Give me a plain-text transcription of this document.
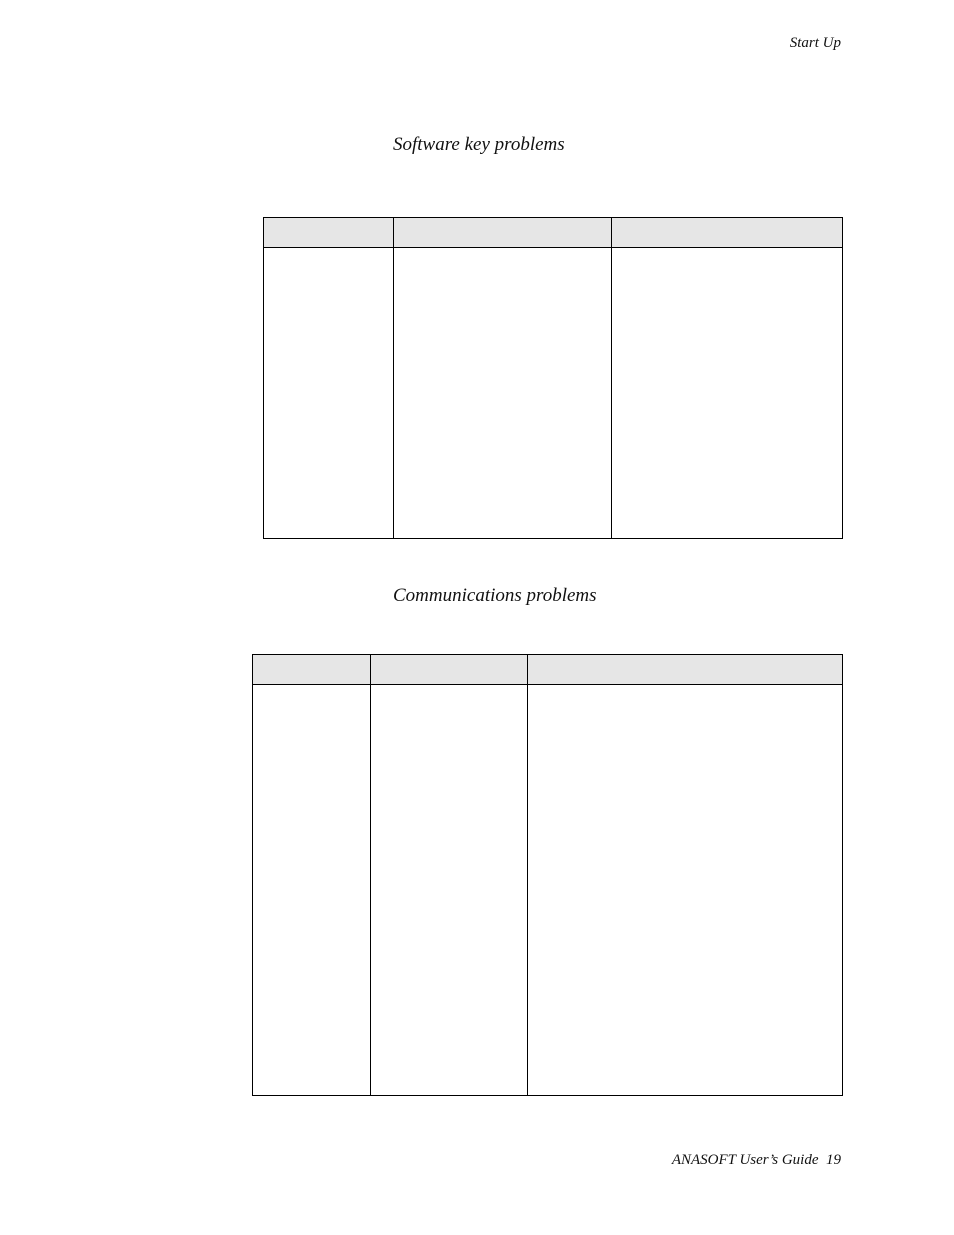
Start Up
Software key problems

Communications problems

ANASOFT User’s Guide 19
